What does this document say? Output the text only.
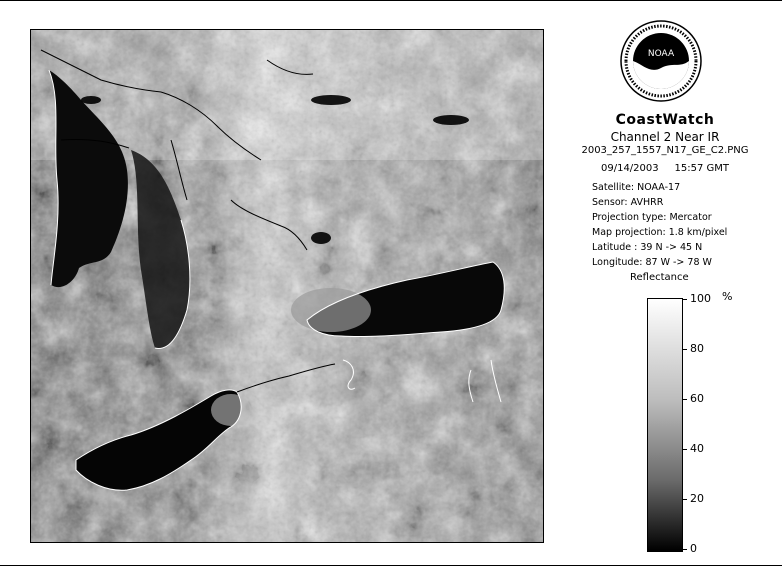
NOAA
CoastWatch
Channel 2 Near IR
2003_257_1557_N17_GE_C2.PNG
09/14/2003 15:57 GMT
Satellite: NOAA-17
Sensor: AVHRR
Projection type: Mercator
Map projection: 1.8 km/pixel
Latitude : 39 N -> 45 N
Longitude: 87 W -> 78 W
Reflectance
%
100
80
60
40
20
0
